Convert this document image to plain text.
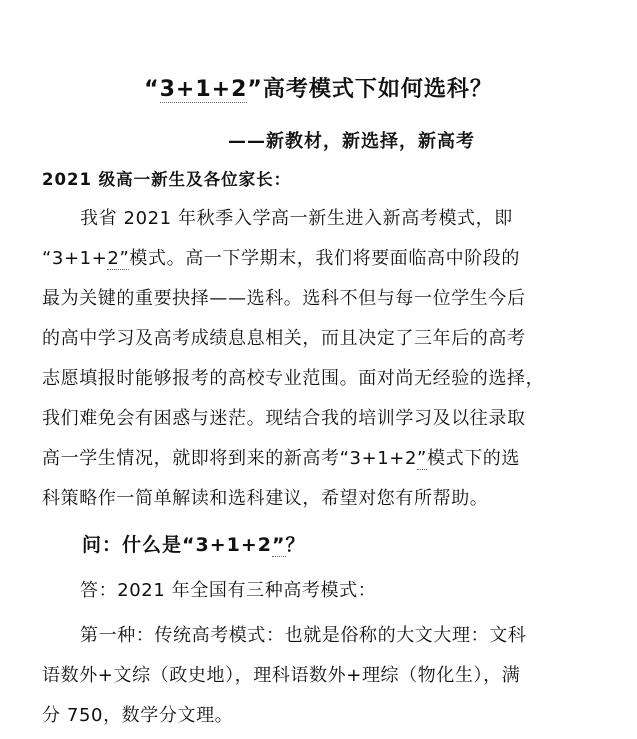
“3+1+2”高考模式下如何选科？
——新教材，新选择，新高考
2021 级高一新生及各位家长：
我省 2021 年秋季入学高一新生进入新高考模式，即
“3+1+2”模式。高一下学期末，我们将要面临高中阶段的
最为关键的重要抉择——选科。选科不但与每一位学生今后
的高中学习及高考成绩息息相关，而且决定了三年后的高考
志愿填报时能够报考的高校专业范围。面对尚无经验的选择，
我们难免会有困惑与迷茫。现结合我的培训学习及以往录取
高一学生情况，就即将到来的新高考“3+1+2”模式下的选
科策略作一简单解读和选科建议，希望对您有所帮助。
问：什么是“3+1+2”？
答：2021 年全国有三种高考模式：
第一种：传统高考模式：也就是俗称的大文大理：文科
语数外+文综（政史地），理科语数外+理综（物化生），满
分 750，数学分文理。
